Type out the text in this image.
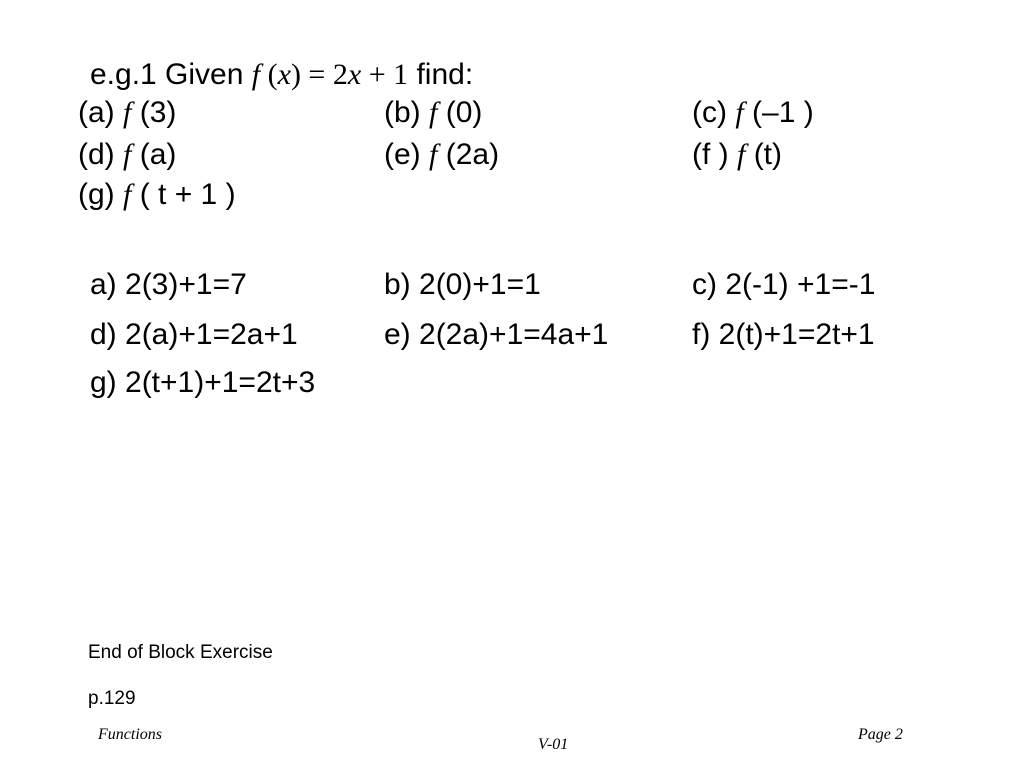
e.g.1 Given f (x) = 2x + 1 find:
(a) f (3)	(b) f (0)	(c) f (–1 )
(d) f (a)	(e) f (2a)	(f ) f (t)
(g) f ( t + 1 )
a) 2(3)+1=7	b) 2(0)+1=1	c) 2(-1) +1=-1
d) 2(a)+1=2a+1	e) 2(2a)+1=4a+1	f) 2(t)+1=2t+1
g) 2(t+1)+1=2t+3
End of Block Exercise
p.129
Functions
V-01
Page 2
